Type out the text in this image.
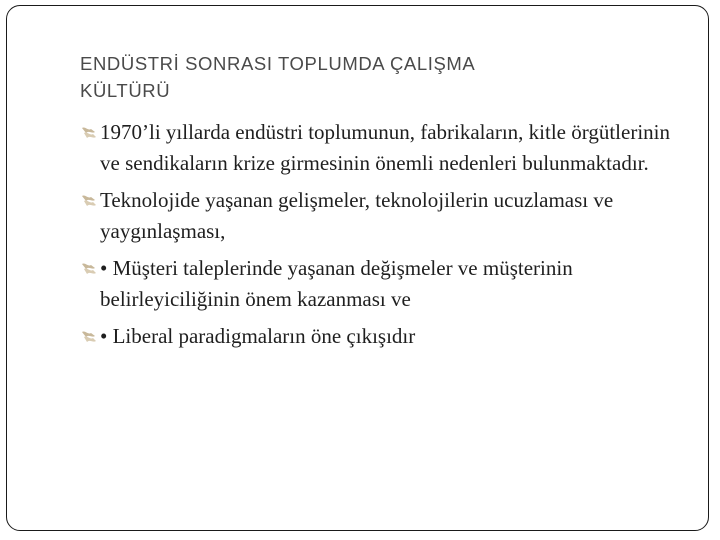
ENDÜSTRİ SONRASI TOPLUMDA ÇALIŞMA
KÜLTÜRÜ
1970’li yıllarda endüstri toplumunun, fabrikaların, kitle örgütlerinin ve sendikaların krize girmesinin önemli nedenleri bulunmaktadır.
Teknolojide yaşanan gelişmeler, teknolojilerin ucuzlaması ve yaygınlaşması,
• Müşteri taleplerinde yaşanan değişmeler ve müşterinin belirleyiciliğinin önem kazanması ve
• Liberal paradigmaların öne çıkışıdır
